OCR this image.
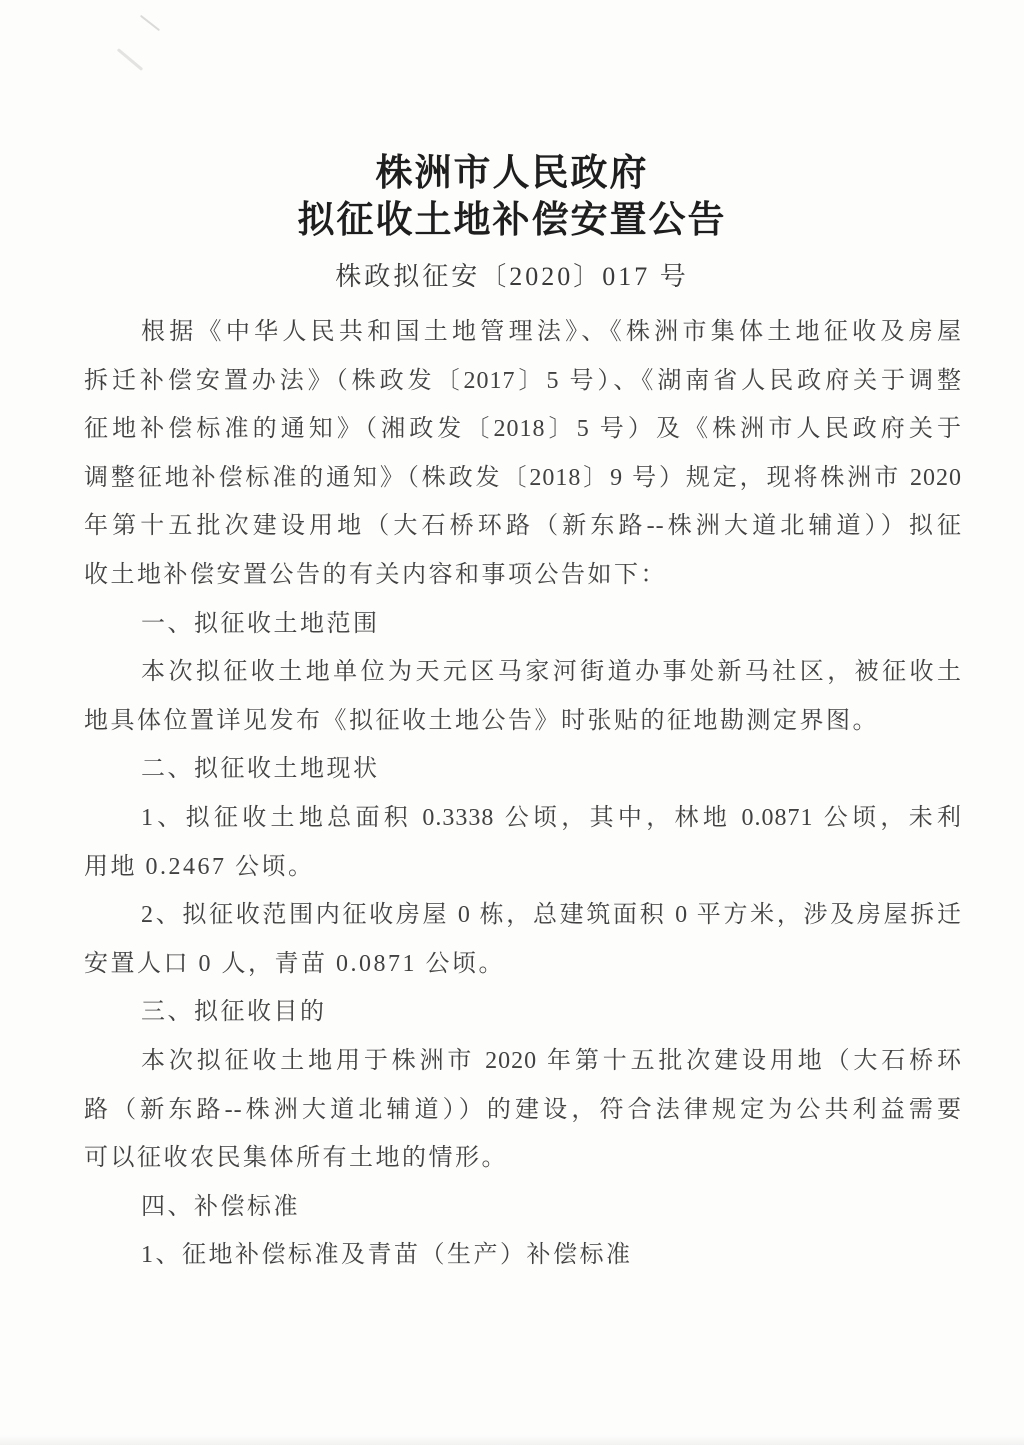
株洲市人民政府
拟征收土地补偿安置公告
株政拟征安〔2020〕017 号
根据《中华人民共和国土地管理法》、《株洲市集体土地征收及房屋
拆迁补偿安置办法》（株政发〔2017〕5 号）、《湖南省人民政府关于调整
征地补偿标准的通知》（湘政发〔2018〕5 号）及《株洲市人民政府关于
调整征地补偿标准的通知》（株政发〔2018〕9 号）规定，现将株洲市 2020
年第十五批次建设用地（大石桥环路（新东路--株洲大道北辅道））拟征
收土地补偿安置公告的有关内容和事项公告如下：
一、拟征收土地范围
本次拟征收土地单位为天元区马家河街道办事处新马社区，被征收土
地具体位置详见发布《拟征收土地公告》时张贴的征地勘测定界图。
二、拟征收土地现状
1、拟征收土地总面积 0.3338 公顷，其中，林地 0.0871 公顷，未利
用地 0.2467 公顷。
2、拟征收范围内征收房屋 0 栋，总建筑面积 0 平方米，涉及房屋拆迁
安置人口 0 人，青苗 0.0871 公顷。
三、拟征收目的
本次拟征收土地用于株洲市 2020 年第十五批次建设用地（大石桥环
路（新东路--株洲大道北辅道））的建设，符合法律规定为公共利益需要
可以征收农民集体所有土地的情形。
四、补偿标准
1、征地补偿标准及青苗（生产）补偿标准
